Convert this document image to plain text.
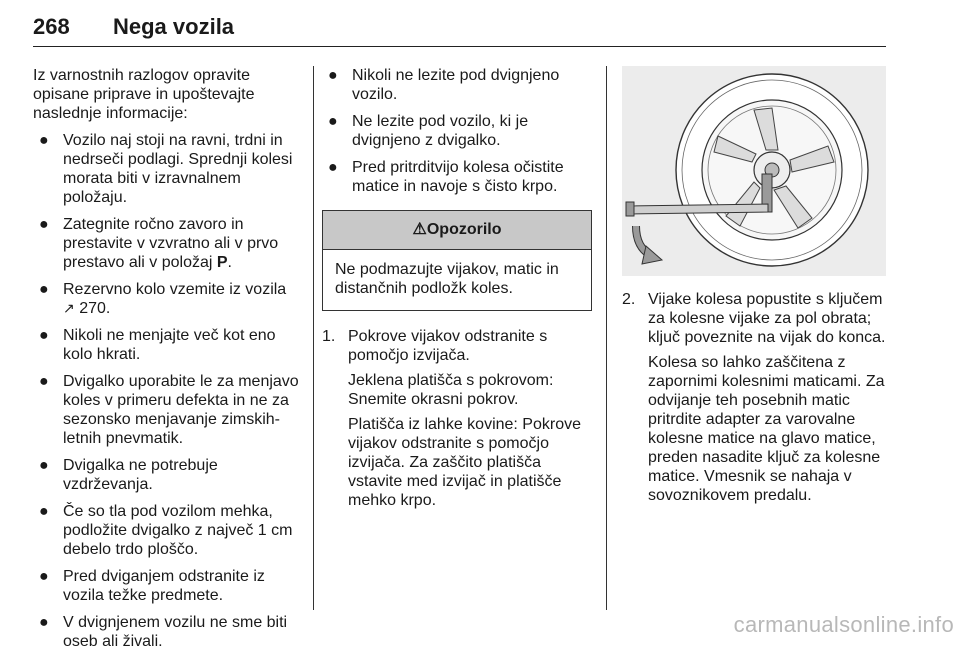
268 Nega vozila

Iz varnostnih razlogov opravite opisane priprave in upoštevajte naslednje informacije:

● Vozilo naj stoji na ravni, trdni in nedrseči podlagi. Sprednji kolesi morata biti v izravnalnem položaju.
● Zategnite ročno zavoro in prestavite v vzvratno ali v prvo prestavo ali v položaj P.
● Rezervno kolo vzemite iz vozila
↗ 270.
● Nikoli ne menjajte več kot eno kolo hkrati.
● Dvigalko uporabite le za menjavo koles v primeru defekta in ne za sezonsko menjavanje zimskih-letnih pnevmatik.
● Dvigalka ne potrebuje vzdrževanja.
● Če so tla pod vozilom mehka, podložite dvigalko z največ 1 cm debelo trdo ploščo.
● Pred dviganjem odstranite iz vozila težke predmete.
● V dvignjenem vozilu ne sme biti oseb ali živali.
● Nikoli ne lezite pod dvignjeno vozilo.
● Ne lezite pod vozilo, ki je dvignjeno z dvigalko.
● Pred pritrditvijo kolesa očistite matice in navoje s čisto krpo.
⚠Opozorilo
Ne podmazujte vijakov, matic in distančnih podložk koles.
1. Pokrove vijakov odstranite s pomočjo izvijača.

Jeklena platišča s pokrovom: Snemite okrasni pokrov.

Platišča iz lahke kovine: Pokrove vijakov odstranite s pomočjo izvijača. Za zaščito platišča vstavite med izvijač in platišče mehko krpo.

2. Vijake kolesa popustite s ključem za kolesne vijake za pol obrata; ključ poveznite na vijak do konca.

Kolesa so lahko zaščitena z zapornimi kolesnimi maticami. Za odvijanje teh posebnih matic pritrdite adapter za varovalne kolesne matice na glavo matice, preden nasadite ključ za kolesne matice. Vmesnik se nahaja v sovoznikovem predalu.

carmanualsonline.info
